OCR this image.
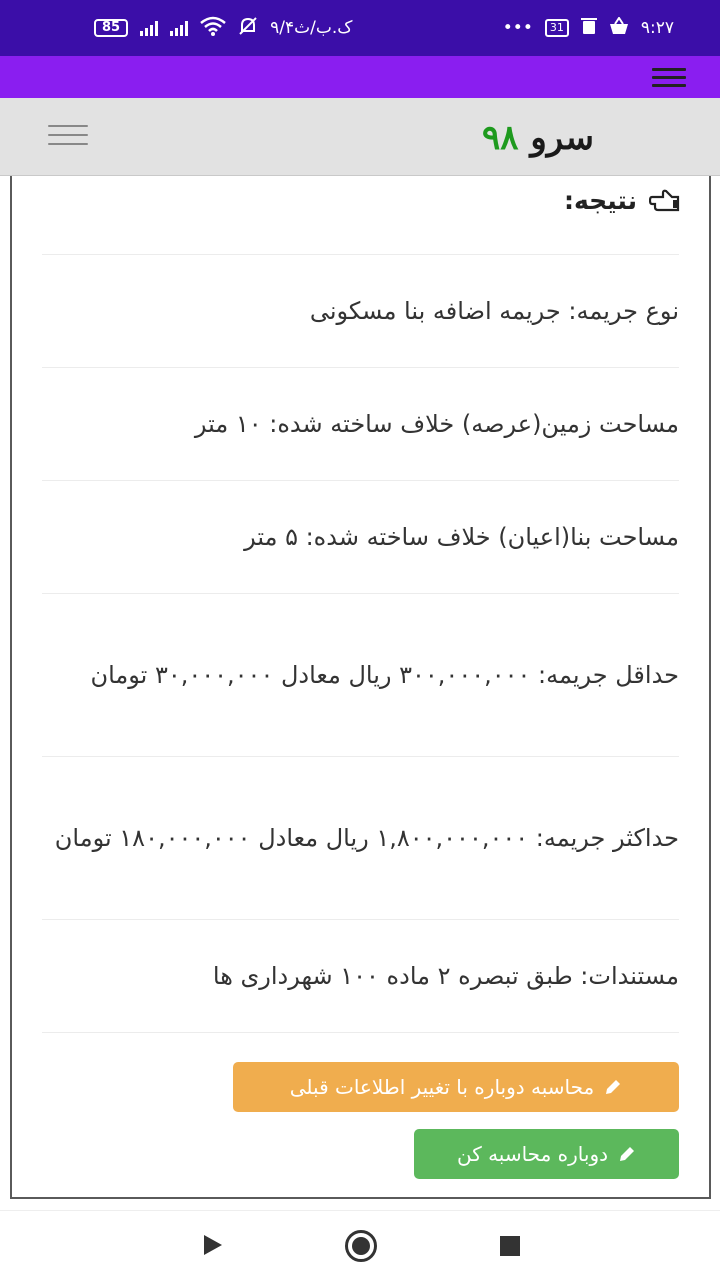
85	۹/۴ک.ب/ث	•••	31	۹:۲۷
سرو ۹۸
نتیجه:
نوع جریمه: جریمه اضافه بنا مسکونی
مساحت زمین(عرصه) خلاف ساخته شده: ۱۰ متر
مساحت بنا(اعیان) خلاف ساخته شده: ۵ متر
حداقل جریمه: ۳۰۰,۰۰۰,۰۰۰ ریال معادل ۳۰,۰۰۰,۰۰۰ تومان
حداکثر جریمه: ۱,۸۰۰,۰۰۰,۰۰۰ ریال معادل ۱۸۰,۰۰۰,۰۰۰ تومان
مستندات: طبق تبصره ۲ ماده ۱۰۰ شهرداری ها
محاسبه دوباره با تغییر اطلاعات قبلی
دوباره محاسبه کن
